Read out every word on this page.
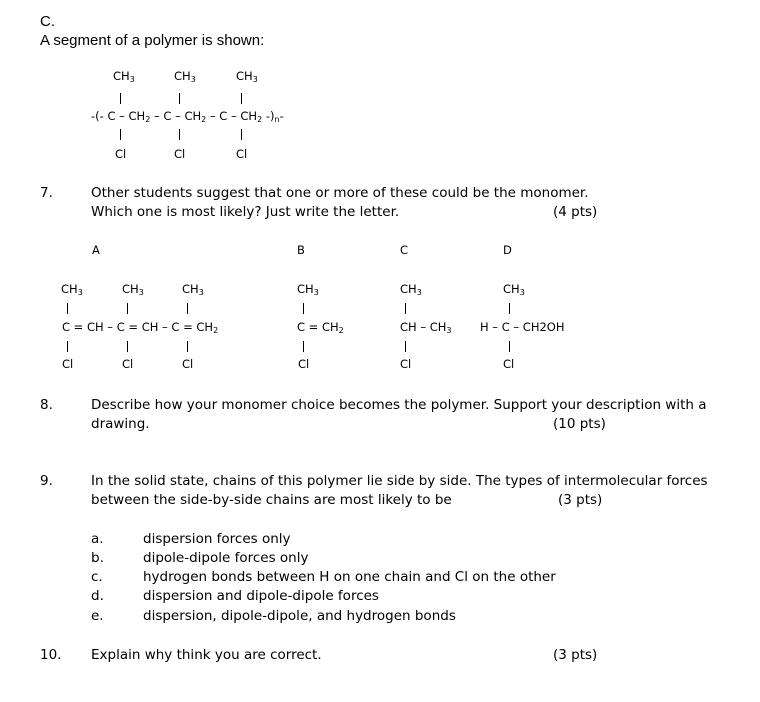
C.
A segment of a polymer is shown:
$CH_3$	$CH_3$	$CH_3$
-(- C – $CH_2$ – C – $CH_2$ – C – $CH_2$ $-)_n-$
Cl	Cl	Cl
7.	Other students suggest that one or more of these could be the monomer.
Which one is most likely? Just write the letter.	(4 pts)
A	B	C	D
$CH_3$	$CH_3$	$CH_3$
C = CH – C = CH – $C = CH_2$
Cl	Cl	Cl
$CH_3$
$C = CH_2$
Cl
$CH_3$
CH – $CH_3$
Cl
$CH_3$
H – C – CH2OH
Cl
8.	Describe how your monomer choice becomes the polymer. Support your description with a
drawing.	(10 pts)
9.	In the solid state, chains of this polymer lie side by side. The types of intermolecular forces
between the side-by-side chains are most likely to be	(3 pts)
a.	dispersion forces only
b.	dipole-dipole forces only
c.	hydrogen bonds between H on one chain and Cl on the other
d.	dispersion and dipole-dipole forces
e.	dispersion, dipole-dipole, and hydrogen bonds
10. Explain why think you are correct.	(3 pts)
